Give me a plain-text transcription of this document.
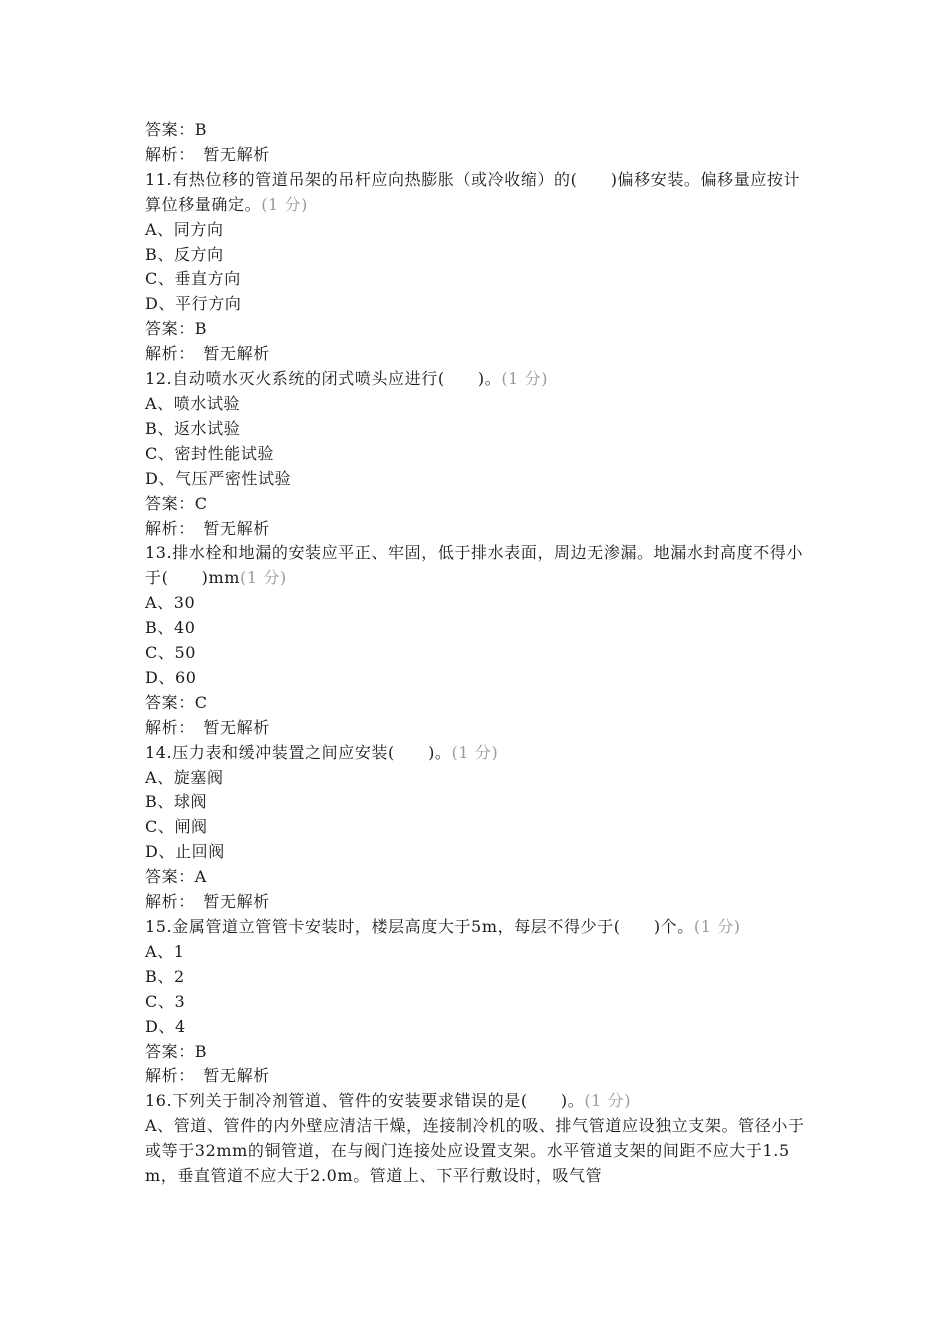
答案：B
解析：　暂无解析
11.有热位移的管道吊架的吊杆应向热膨胀（或冷收缩）的(　　)偏移安装。偏移量应按计算位移量确定。(1 分)
A、同方向
B、反方向
C、垂直方向
D、平行方向
答案：B
解析：　暂无解析
12.自动喷水灭火系统的闭式喷头应进行(　　)。(1 分)
A、喷水试验
B、返水试验
C、密封性能试验
D、气压严密性试验
答案：C
解析：　暂无解析
13.排水栓和地漏的安装应平正、牢固，低于排水表面，周边无渗漏。地漏水封高度不得小于(　　)mm(1 分)
A、30
B、40
C、50
D、60
答案：C
解析：　暂无解析
14.压力表和缓冲装置之间应安装(　　)。(1 分)
A、旋塞阀
B、球阀
C、闸阀
D、止回阀
答案：A
解析：　暂无解析
15.金属管道立管管卡安装时，楼层高度大于5m，每层不得少于(　　)个。(1 分)
A、1
B、2
C、3
D、4
答案：B
解析：　暂无解析
16.下列关于制冷剂管道、管件的安装要求错误的是(　　)。(1 分)
A、管道、管件的内外壁应清洁干燥，连接制冷机的吸、排气管道应设独立支架。管径小于或等于32mm的铜管道，在与阀门连接处应设置支架。水平管道支架的间距不应大于1.5m，垂直管道不应大于2.0m。管道上、下平行敷设时，吸气管
